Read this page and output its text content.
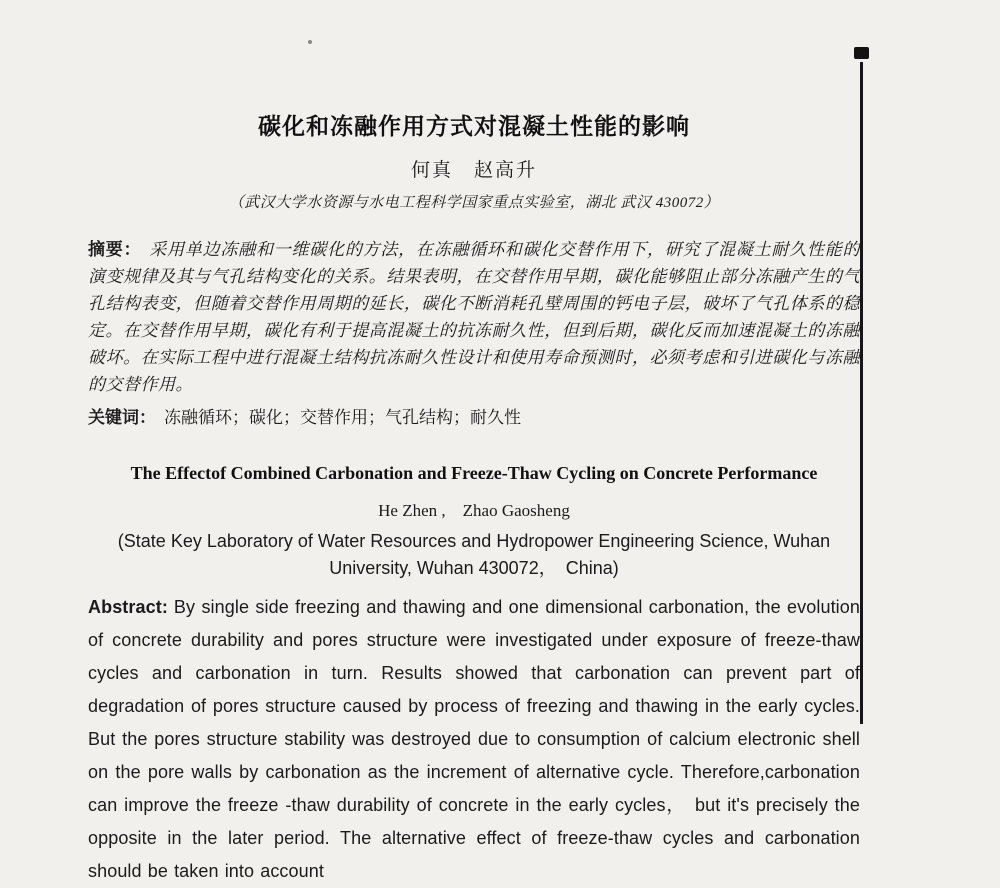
碳化和冻融作用方式对混凝土性能的影响
何真　赵高升
（武汉大学水资源与水电工程科学国家重点实验室，湖北 武汉 430072）

摘要： 采用单边冻融和一维碳化的方法，在冻融循环和碳化交替作用下，研究了混凝土耐久性能的演变规律及其与气孔结构变化的关系。结果表明，在交替作用早期，碳化能够阻止部分冻融产生的气孔结构表变，但随着交替作用周期的延长，碳化不断消耗孔壁周围的钙电子层，破坏了气孔体系的稳定。在交替作用早期，碳化有利于提高混凝土的抗冻耐久性，但到后期，碳化反而加速混凝土的冻融破坏。在实际工程中进行混凝土结构抗冻耐久性设计和使用寿命预测时，必须考虑和引进碳化与冻融的交替作用。

关键词： 冻融循环；碳化；交替作用；气孔结构；耐久性

The Effectof Combined Carbonation and Freeze-Thaw Cycling on Concrete Performance
He Zhen ,　Zhao Gaosheng
(State Key Laboratory of Water Resources and Hydropower Engineering Science, Wuhan
University, Wuhan 430072，　China)

Abstract: By single side freezing and thawing and one dimensional carbonation, the evolution of concrete durability and pores structure were investigated under exposure of freeze-thaw cycles and carbonation in turn. Results showed that carbonation can prevent part of degradation of pores structure caused by process of freezing and thawing in the early cycles. But the pores structure stability was destroyed due to consumption of calcium electronic shell on the pore walls by carbonation as the increment of alternative cycle. Therefore,carbonation can improve the freeze -thaw durability of concrete in the early cycles，　but it's precisely the opposite in the later period. The alternative effect of freeze-thaw cycles and carbonation should be taken into account
